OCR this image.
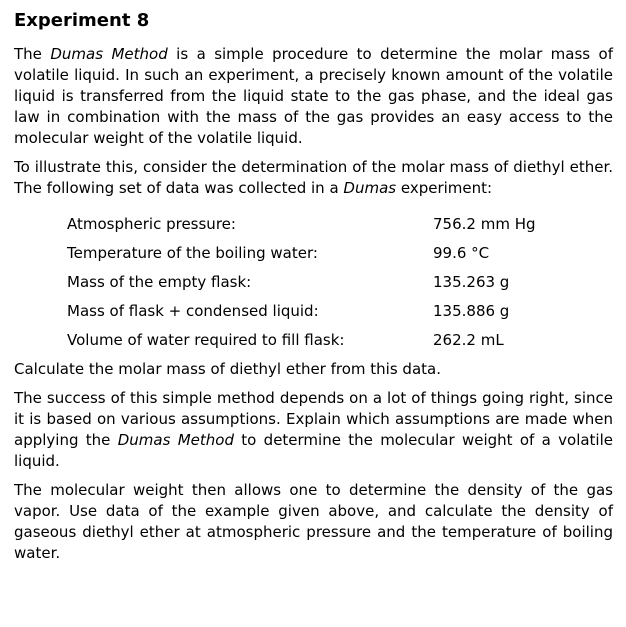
Experiment 8

The Dumas Method is a simple procedure to determine the molar mass of volatile liquid. In such an experiment, a precisely known amount of the volatile liquid is transferred from the liquid state to the gas phase, and the ideal gas law in combination with the mass of the gas provides an easy access to the molecular weight of the volatile liquid.

To illustrate this, consider the determination of the molar mass of diethyl ether. The following set of data was collected in a Dumas experiment:

Atmospheric pressure:	756.2 mm Hg
Temperature of the boiling water:	99.6 °C
Mass of the empty flask:	135.263 g
Mass of flask + condensed liquid:	135.886 g
Volume of water required to fill flask:	262.2 mL

Calculate the molar mass of diethyl ether from this data.

The success of this simple method depends on a lot of things going right, since it is based on various assumptions. Explain which assumptions are made when applying the Dumas Method to determine the molecular weight of a volatile liquid.

The molecular weight then allows one to determine the density of the gas vapor. Use data of the example given above, and calculate the density of gaseous diethyl ether at atmospheric pressure and the temperature of boiling water.
